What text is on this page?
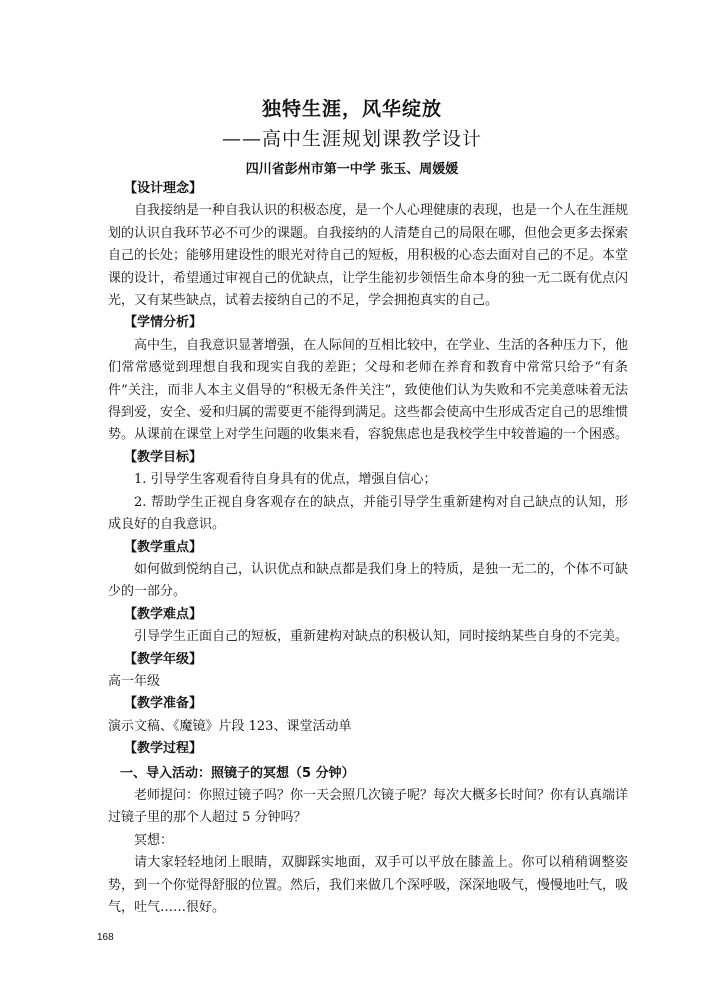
独特生涯，风华绽放
——高中生涯规划课教学设计
四川省彭州市第一中学 张玉、周媛媛
【设计理念】

自我接纳是一种自我认识的积极态度，是一个人心理健康的表现，也是一个人在生涯规划的认识自我环节必不可少的课题。自我接纳的人清楚自己的局限在哪，但他会更多去探索自己的长处；能够用建设性的眼光对待自己的短板，用积极的心态去面对自己的不足。本堂课的设计，希望通过审视自己的优缺点，让学生能初步领悟生命本身的独一无二既有优点闪光，又有某些缺点，试着去接纳自己的不足，学会拥抱真实的自己。

【学情分析】

高中生，自我意识显著增强，在人际间的互相比较中，在学业、生活的各种压力下，他们常常感觉到理想自我和现实自我的差距；父母和老师在养育和教育中常常只给予“有条件”关注，而非人本主义倡导的“积极无条件关注”，致使他们认为失败和不完美意味着无法得到爱，安全、爱和归属的需要更不能得到满足。这些都会使高中生形成否定自己的思维惯势。从课前在课堂上对学生问题的收集来看，容貌焦虑也是我校学生中较普遍的一个困惑。

【教学目标】

1. 引导学生客观看待自身具有的优点，增强自信心；

2. 帮助学生正视自身客观存在的缺点，并能引导学生重新建构对自己缺点的认知，形成良好的自我意识。

【教学重点】

如何做到悦纳自己，认识优点和缺点都是我们身上的特质，是独一无二的，个体不可缺少的一部分。

【教学难点】

引导学生正面自己的短板，重新建构对缺点的积极认知，同时接纳某些自身的不完美。

【教学年级】

高一年级

【教学准备】

演示文稿、《魔镜》片段 123、课堂活动单

【教学过程】
一、导入活动：照镜子的冥想（5 分钟）

老师提问：你照过镜子吗？你一天会照几次镜子呢？每次大概多长时间？你有认真端详过镜子里的那个人超过 5 分钟吗？

冥想：

请大家轻轻地闭上眼睛，双脚踩实地面，双手可以平放在膝盖上。你可以稍稍调整姿势，到一个你觉得舒服的位置。然后，我们来做几个深呼吸，深深地吸气，慢慢地吐气，吸气，吐气……很好。

168
